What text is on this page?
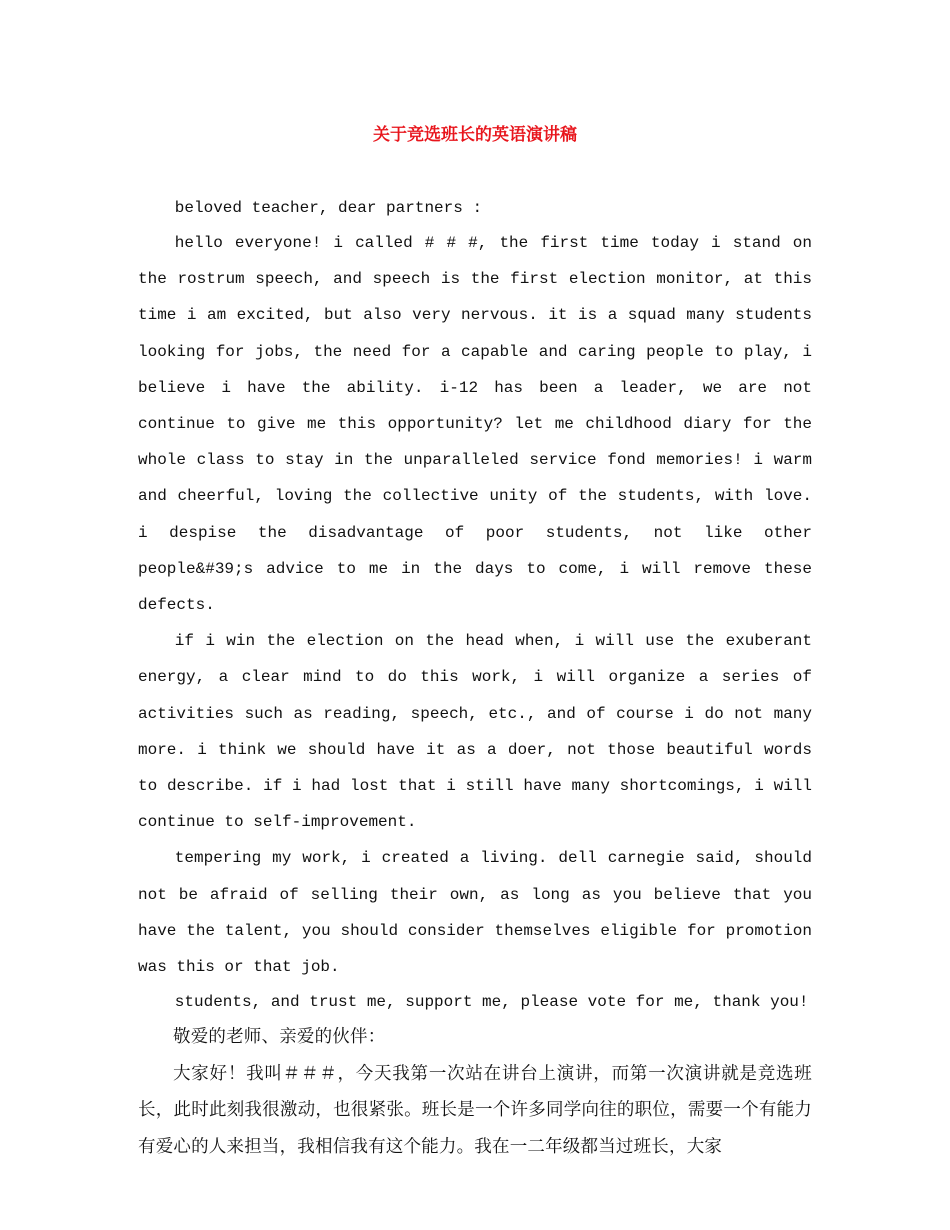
关于竞选班长的英语演讲稿

beloved teacher, dear partners :

hello everyone! i called # # #, the first time today i stand on the rostrum speech, and speech is the first election monitor, at this time i am excited, but also very nervous. it is a squad many students looking for jobs, the need for a capable and caring people to play, i believe i have the ability. i-12 has been a leader, we are not continue to give me this opportunity? let me childhood diary for the whole class to stay in the unparalleled service fond memories! i warm and cheerful, loving the collective unity of the students, with love. i despise the disadvantage of poor students, not like other people&#39;s advice to me in the days to come, i will remove these defects.

if i win the election on the head when, i will use the exuberant energy, a clear mind to do this work, i will organize a series of activities such as reading, speech, etc., and of course i do not many more. i think we should have it as a doer, not those beautiful words to describe. if i had lost that i still have many shortcomings, i will continue to self-improvement.

tempering my work, i created a living. dell carnegie said, should not be afraid of selling their own, as long as you believe that you have the talent, you should consider themselves eligible for promotion was this or that job.

students, and trust me, support me, please vote for me, thank you!

敬爱的老师、亲爱的伙伴：

大家好！我叫＃＃＃，今天我第一次站在讲台上演讲，而第一次演讲就是竞选班长，此时此刻我很激动，也很紧张。班长是一个许多同学向往的职位，需要一个有能力有爱心的人来担当，我相信我有这个能力。我在一二年级都当过班长，大家
